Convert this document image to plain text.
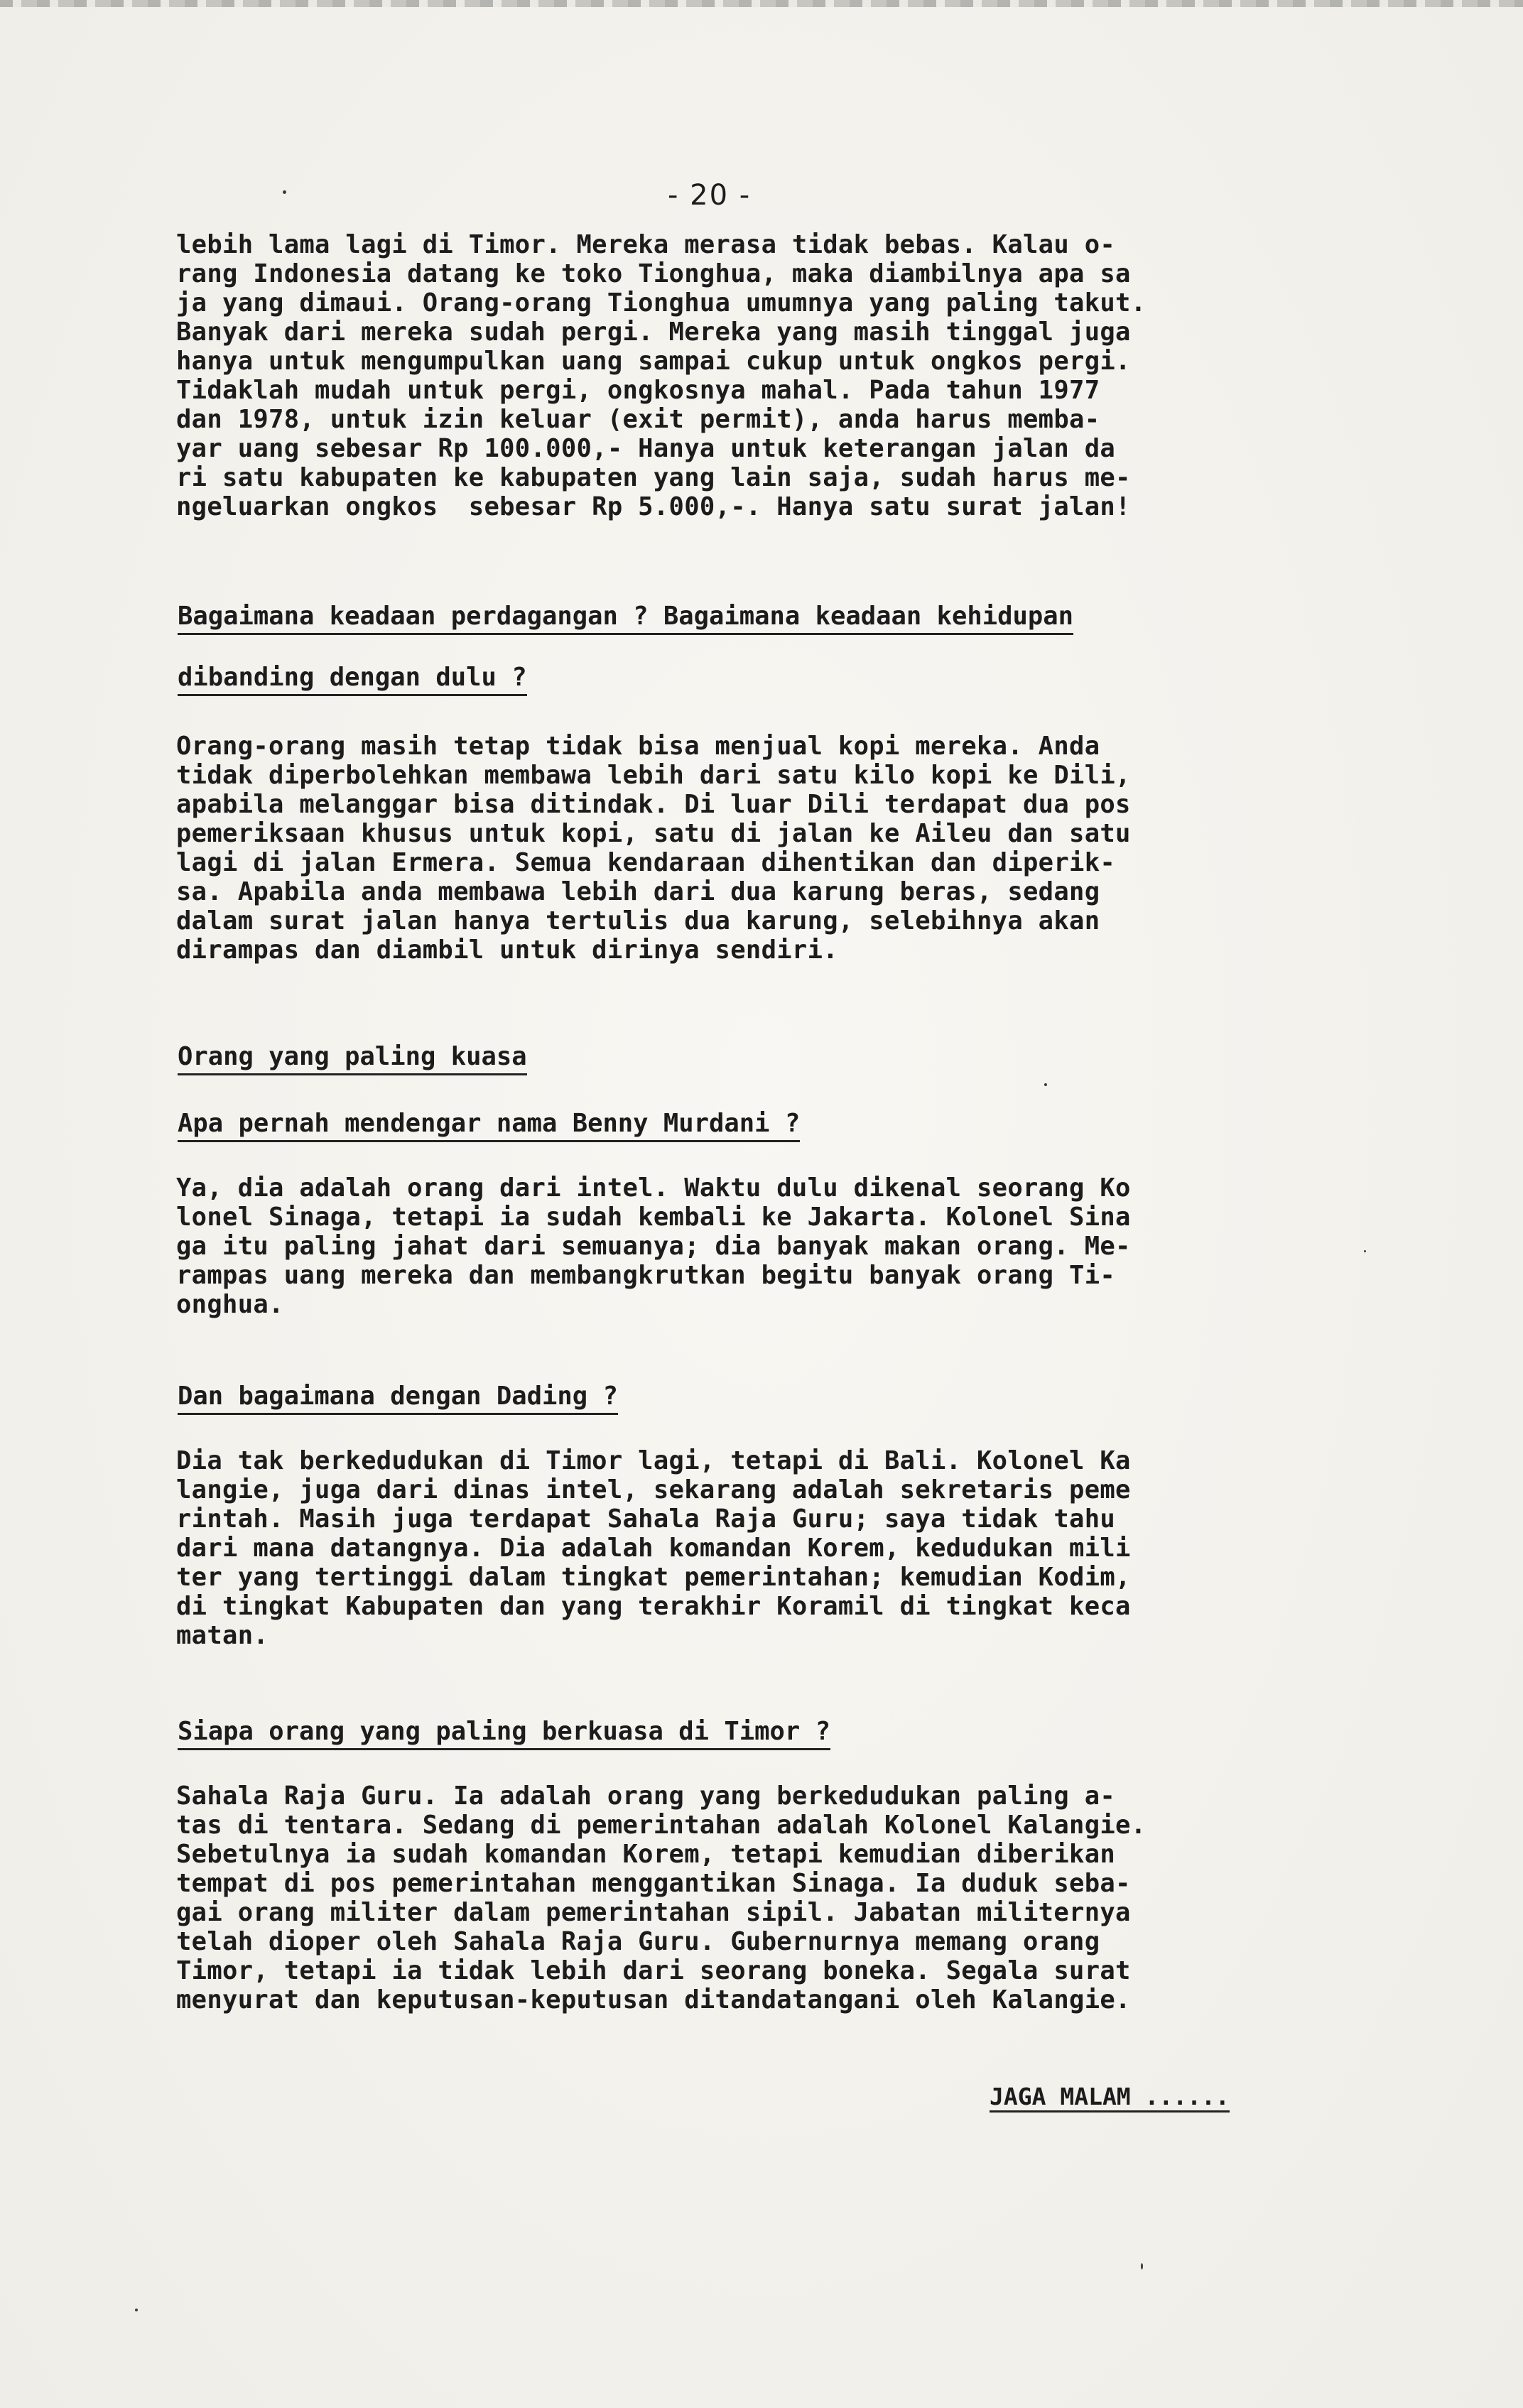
- 20 -
lebih lama lagi di Timor. Mereka merasa tidak bebas. Kalau o-
rang Indonesia datang ke toko Tionghua, maka diambilnya apa sa
ja yang dimaui. Orang-orang Tionghua umumnya yang paling takut.
Banyak dari mereka sudah pergi. Mereka yang masih tinggal juga
hanya untuk mengumpulkan uang sampai cukup untuk ongkos pergi.
Tidaklah mudah untuk pergi, ongkosnya mahal. Pada tahun 1977
dan 1978, untuk izin keluar (exit permit), anda harus memba-
yar uang sebesar Rp 100.000,- Hanya untuk keterangan jalan da
ri satu kabupaten ke kabupaten yang lain saja, sudah harus me-
ngeluarkan ongkos  sebesar Rp 5.000,-. Hanya satu surat jalan!
Bagaimana keadaan perdagangan ? Bagaimana keadaan kehidupan
dibanding dengan dulu ?
Orang-orang masih tetap tidak bisa menjual kopi mereka. Anda
tidak diperbolehkan membawa lebih dari satu kilo kopi ke Dili,
apabila melanggar bisa ditindak. Di luar Dili terdapat dua pos
pemeriksaan khusus untuk kopi, satu di jalan ke Aileu dan satu
lagi di jalan Ermera. Semua kendaraan dihentikan dan diperik-
sa. Apabila anda membawa lebih dari dua karung beras, sedang
dalam surat jalan hanya tertulis dua karung, selebihnya akan
dirampas dan diambil untuk dirinya sendiri.
Orang yang paling kuasa
Apa pernah mendengar nama Benny Murdani ?
Ya, dia adalah orang dari intel. Waktu dulu dikenal seorang Ko
lonel Sinaga, tetapi ia sudah kembali ke Jakarta. Kolonel Sina
ga itu paling jahat dari semuanya; dia banyak makan orang. Me-
rampas uang mereka dan membangkrutkan begitu banyak orang Ti-
onghua.
Dan bagaimana dengan Dading ?
Dia tak berkedudukan di Timor lagi, tetapi di Bali. Kolonel Ka
langie, juga dari dinas intel, sekarang adalah sekretaris peme
rintah. Masih juga terdapat Sahala Raja Guru; saya tidak tahu
dari mana datangnya. Dia adalah komandan Korem, kedudukan mili
ter yang tertinggi dalam tingkat pemerintahan; kemudian Kodim,
di tingkat Kabupaten dan yang terakhir Koramil di tingkat keca
matan.
Siapa orang yang paling berkuasa di Timor ?
Sahala Raja Guru. Ia adalah orang yang berkedudukan paling a-
tas di tentara. Sedang di pemerintahan adalah Kolonel Kalangie.
Sebetulnya ia sudah komandan Korem, tetapi kemudian diberikan
tempat di pos pemerintahan menggantikan Sinaga. Ia duduk seba-
gai orang militer dalam pemerintahan sipil. Jabatan militernya
telah dioper oleh Sahala Raja Guru. Gubernurnya memang orang
Timor, tetapi ia tidak lebih dari seorang boneka. Segala surat
menyurat dan keputusan-keputusan ditandatangani oleh Kalangie.
JAGA MALAM ......
